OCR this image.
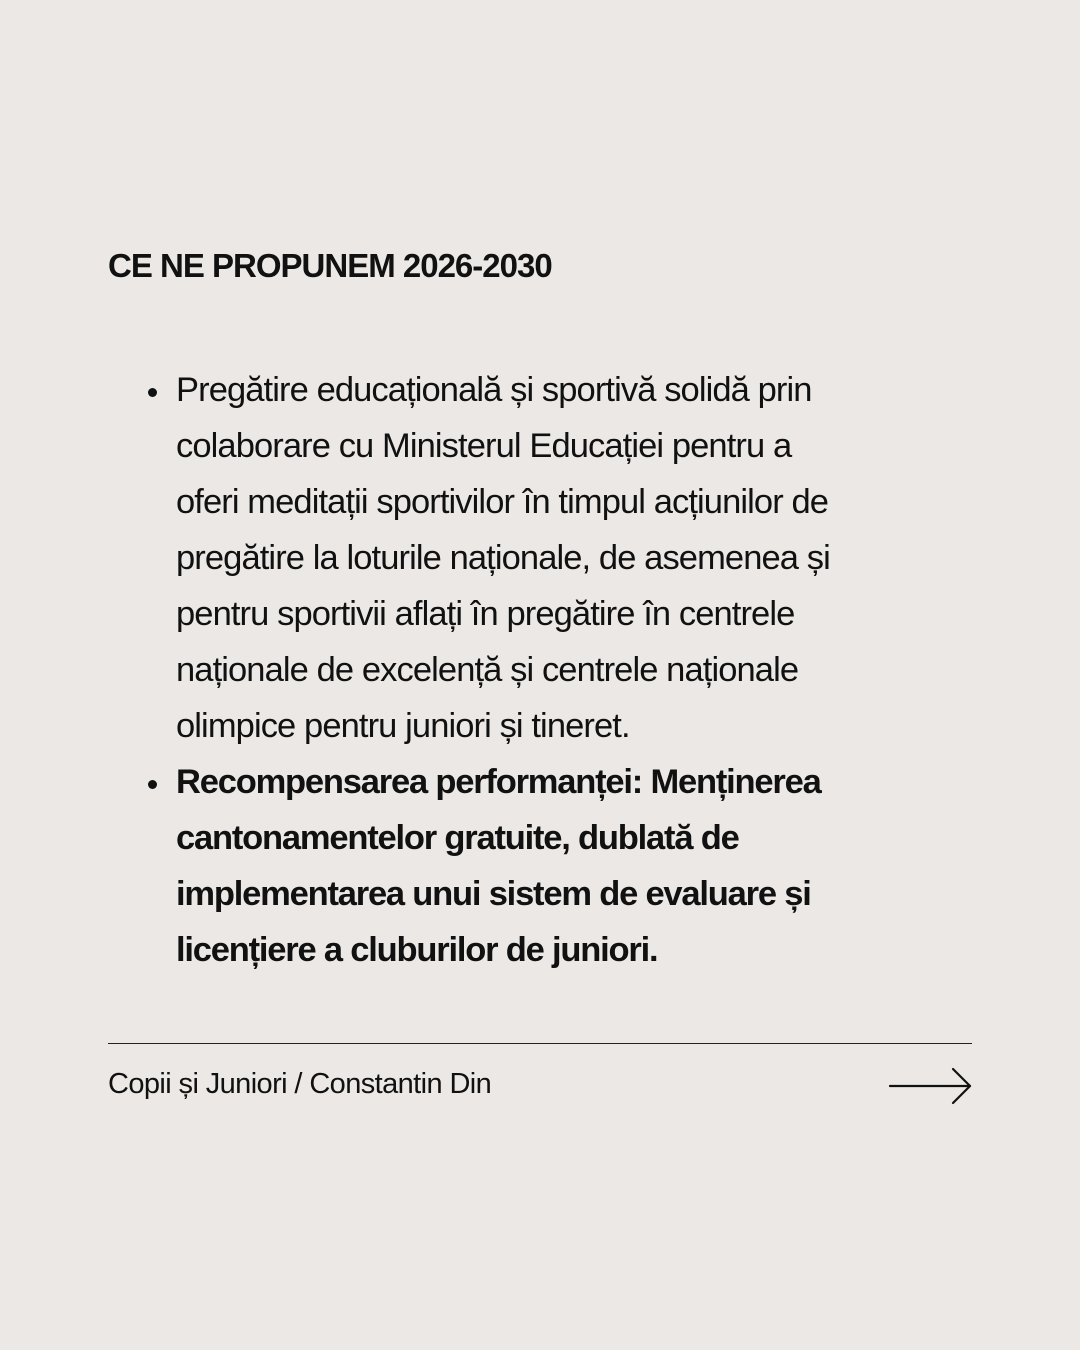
CE NE PROPUNEM 2026-2030
Pregătire educațională și sportivă solidă prin
colaborare cu Ministerul Educației pentru a
oferi meditații sportivilor în timpul acțiunilor de
pregătire la loturile naționale, de asemenea și
pentru sportivii aflați în pregătire în centrele
naționale de excelență și centrele naționale
olimpice pentru juniori și tineret.
Recompensarea performanței: Menținerea
cantonamentelor gratuite, dublată de
implementarea unui sistem de evaluare și
licențiere a cluburilor de juniori.
Copii și Juniori / Constantin Din
